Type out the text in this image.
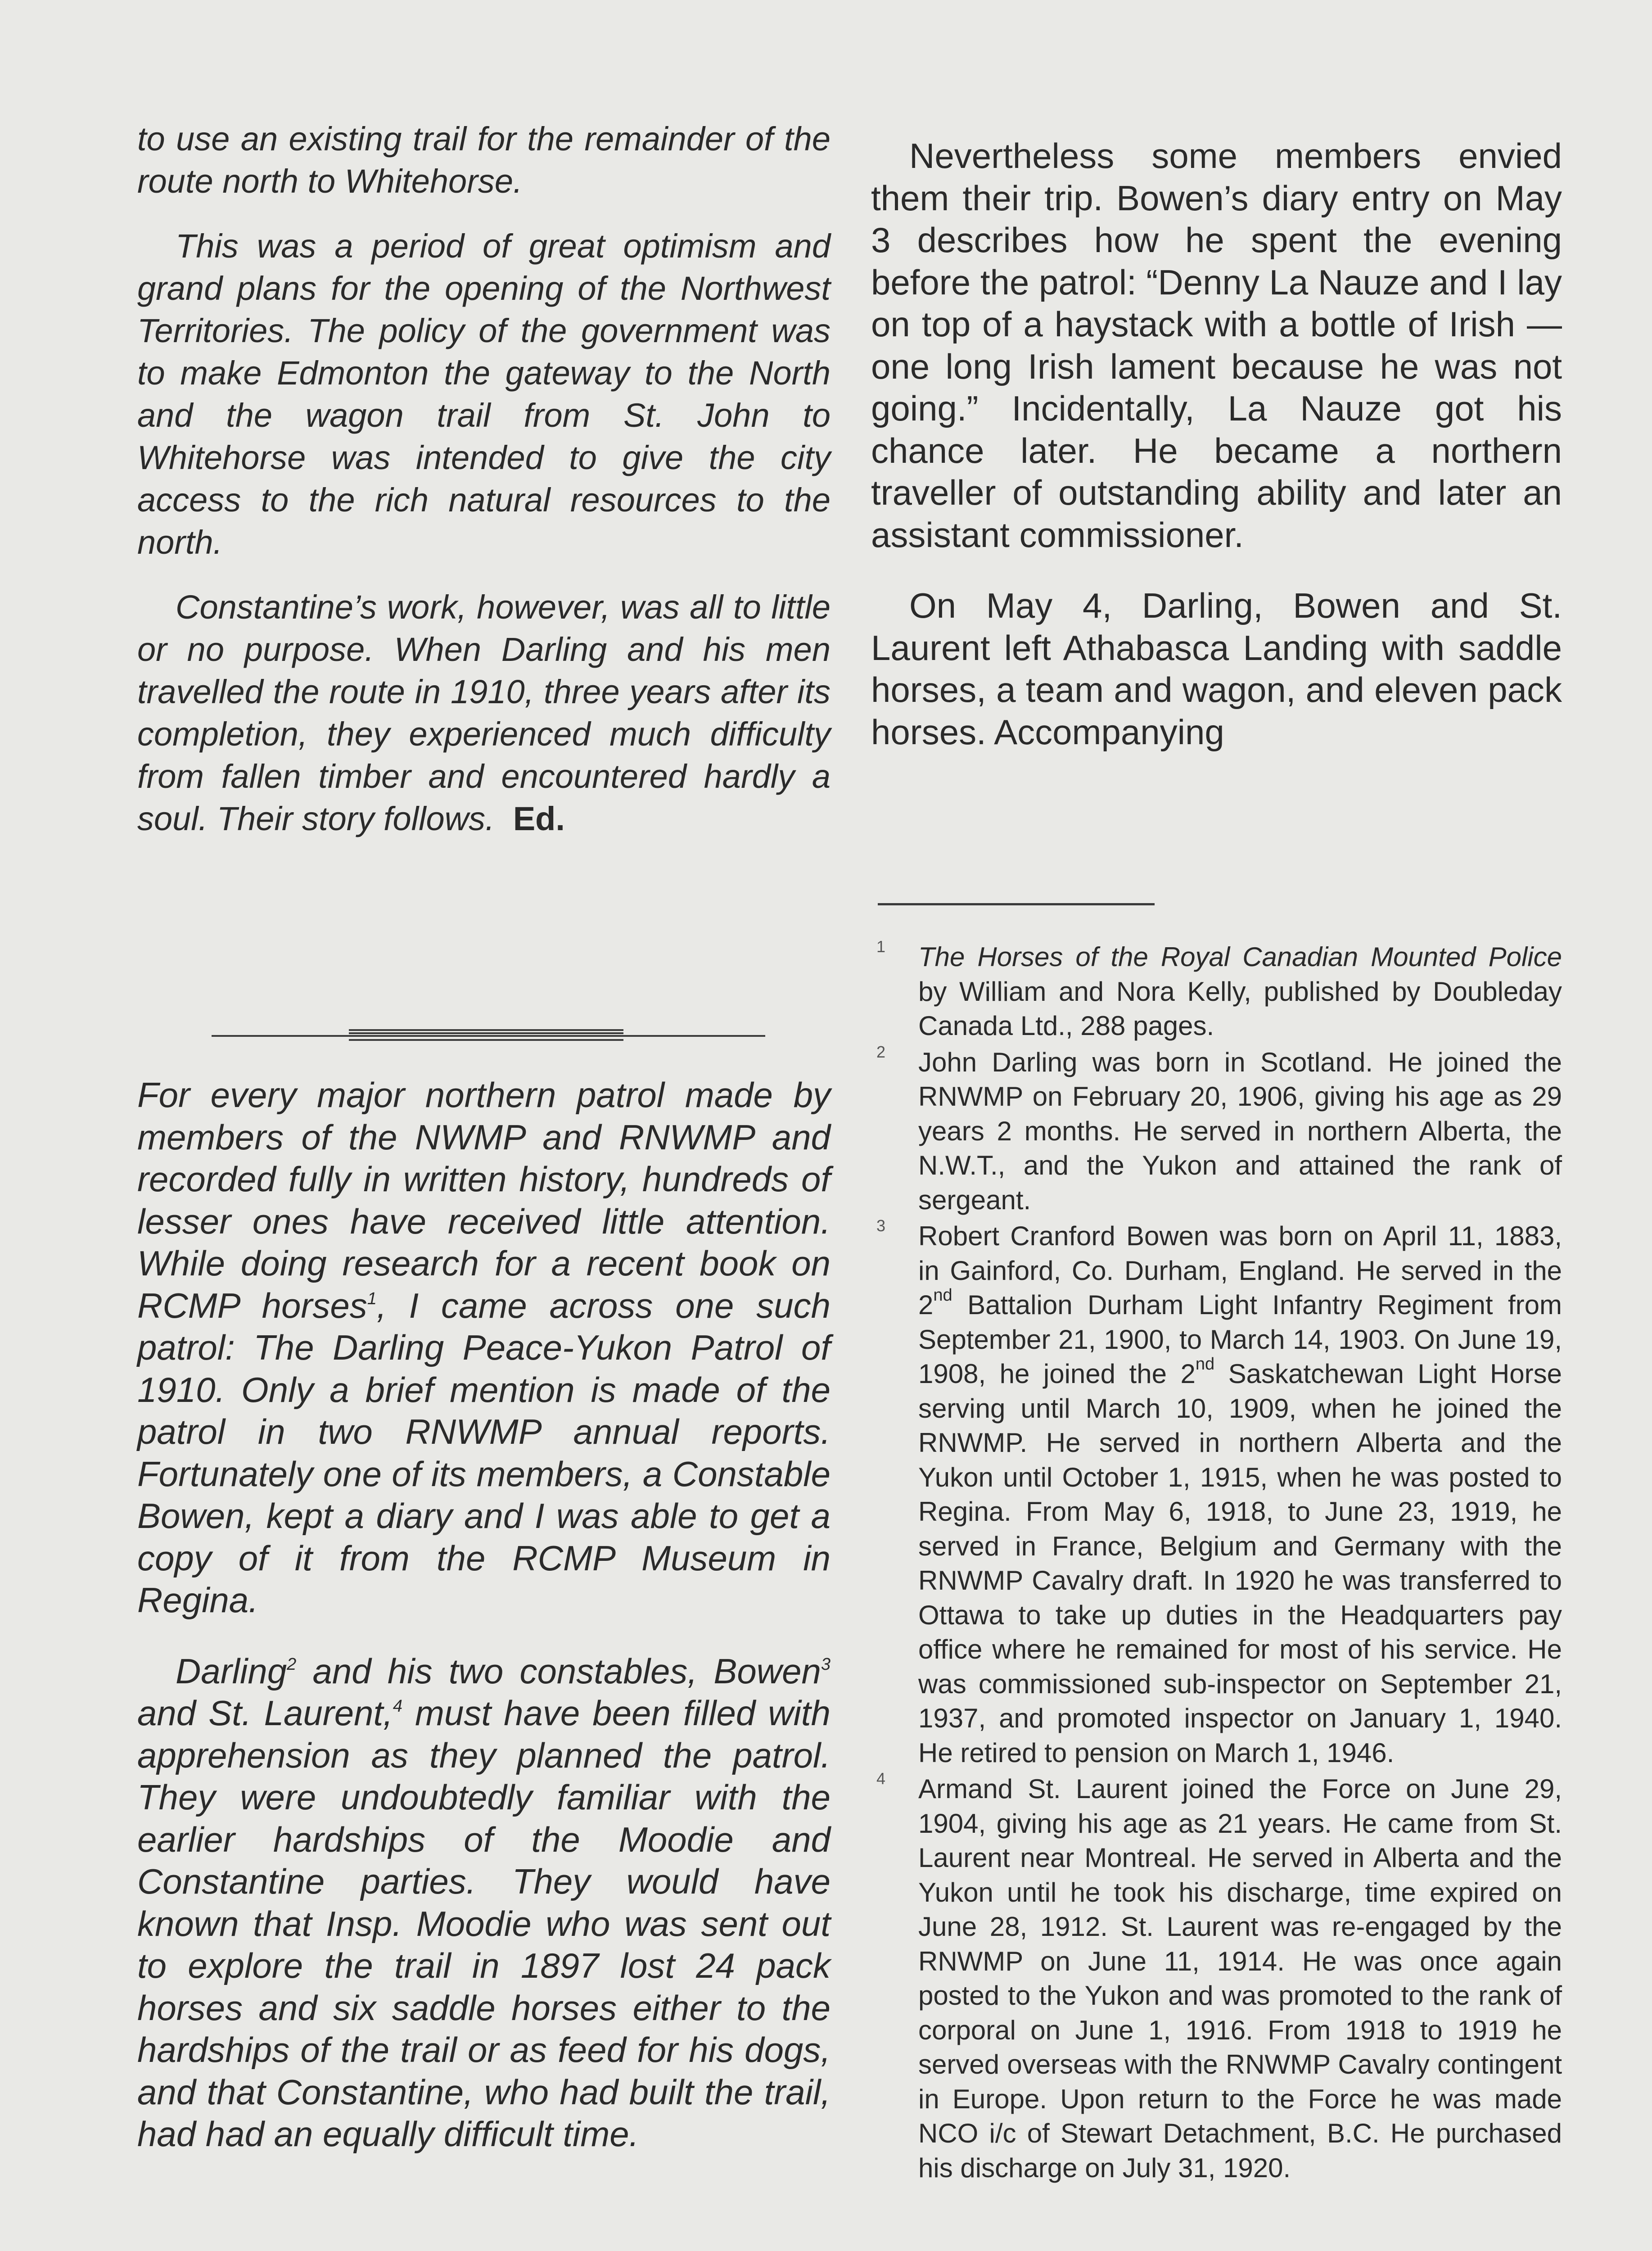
to use an existing trail for the remainder of the route north to Whitehorse.

This was a period of great optimism and grand plans for the opening of the Northwest Territories. The policy of the government was to make Edmonton the gateway to the North and the wagon trail from St. John to Whitehorse was intended to give the city access to the rich natural resources to the north.

Constantine’s work, however, was all to little or no purpose. When Darling and his men travelled the route in 1910, three years after its completion, they experienced much difficulty from fallen timber and encountered hardly a soul. Their story follows. Ed.

For every major northern patrol made by members of the NWMP and RNWMP and recorded fully in written history, hundreds of lesser ones have received little attention. While doing research for a recent book on RCMP horses$^1$, I came across one such patrol: The Darling Peace-Yukon Patrol of 1910. Only a brief mention is made of the patrol in two RNWMP annual reports. Fortunately one of its members, a Constable Bowen, kept a diary and I was able to get a copy of it from the RCMP Museum in Regina.

Darling$^2$ and his two constables, Bowen$^3$ and St. Laurent,$^4$ must have been filled with apprehension as they planned the patrol. They were undoubtedly familiar with the earlier hardships of the Moodie and Constantine parties. They would have known that Insp. Moodie who was sent out to explore the trail in 1897 lost 24 pack horses and six saddle horses either to the hardships of the trail or as feed for his dogs, and that Constantine, who had built the trail, had had an equally difficult time.

Nevertheless some members envied them their trip. Bowen’s diary entry on May 3 describes how he spent the evening before the patrol: “Denny La Nauze and I lay on top of a haystack with a bottle of Irish — one long Irish lament because he was not going.” Incidentally, La Nauze got his chance later. He became a northern traveller of outstanding ability and later an assistant commissioner.

On May 4, Darling, Bowen and St. Laurent left Athabasca Landing with saddle horses, a team and wagon, and eleven pack horses. Accompanying

1 The Horses of the Royal Canadian Mounted Police by William and Nora Kelly, published by Doubleday Canada Ltd., 288 pages.
2 John Darling was born in Scotland. He joined the RNWMP on February 20, 1906, giving his age as 29 years 2 months. He served in northern Alberta, the N.W.T., and the Yukon and attained the rank of sergeant.
3 Robert Cranford Bowen was born on April 11, 1883, in Gainford, Co. Durham, England. He served in the 2nd Battalion Durham Light Infantry Regiment from September 21, 1900, to March 14, 1903. On June 19, 1908, he joined the 2nd Saskatchewan Light Horse serving until March 10, 1909, when he joined the RNWMP. He served in northern Alberta and the Yukon until October 1, 1915, when he was posted to Regina. From May 6, 1918, to June 23, 1919, he served in France, Belgium and Germany with the RNWMP Cavalry draft. In 1920 he was transferred to Ottawa to take up duties in the Headquarters pay office where he remained for most of his service. He was commissioned sub-inspector on September 21, 1937, and promoted inspector on January 1, 1940. He retired to pension on March 1, 1946.
4 Armand St. Laurent joined the Force on June 29, 1904, giving his age as 21 years. He came from St. Laurent near Montreal. He served in Alberta and the Yukon until he took his discharge, time expired on June 28, 1912. St. Laurent was re-engaged by the RNWMP on June 11, 1914. He was once again posted to the Yukon and was promoted to the rank of corporal on June 1, 1916. From 1918 to 1919 he served overseas with the RNWMP Cavalry contingent in Europe. Upon return to the Force he was made NCO i/c of Stewart Detachment, B.C. He purchased his discharge on July 31, 1920.
